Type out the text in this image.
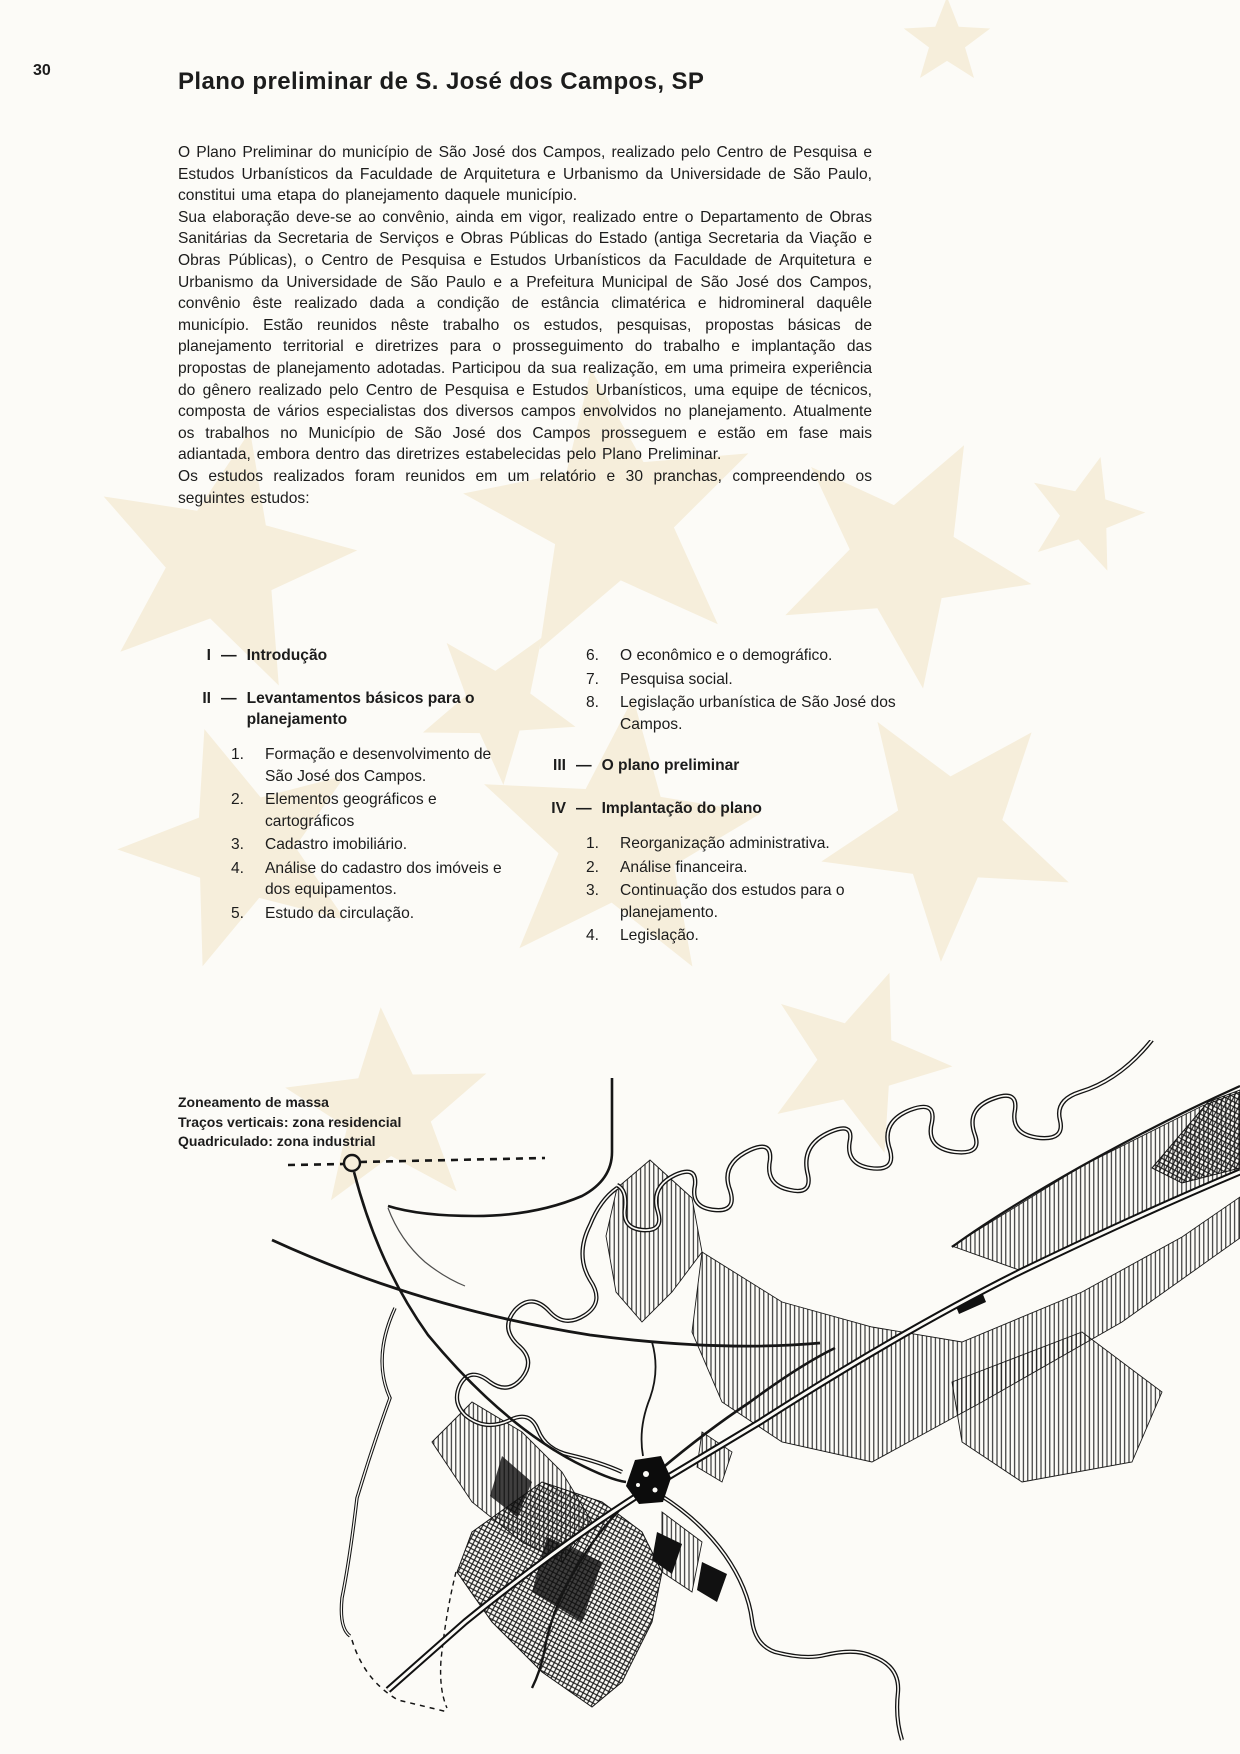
30	Plano preliminar de S. José dos Campos, SP

O Plano Preliminar do município de São José dos Campos, realizado pelo Centro de Pesquisa e Estudos Urbanísticos da Faculdade de Arquitetura e Urbanismo da Universidade de São Paulo, constitui uma etapa do planejamento daquele município.

Sua elaboração deve-se ao convênio, ainda em vigor, realizado entre o Departamento de Obras Sanitárias da Secretaria de Serviços e Obras Públicas do Estado (antiga Secretaria da Viação e Obras Públicas), o Centro de Pesquisa e Estudos Urbanísticos da Faculdade de Arquitetura e Urbanismo da Universidade de São Paulo e a Prefeitura Municipal de São José dos Campos, convênio êste realizado dada a condição de estância climatérica e hidromineral daquêle município. Estão reunidos nêste trabalho os estudos, pesquisas, propostas básicas de planejamento territorial e diretrizes para o prosseguimento do trabalho e implantação das propostas de planejamento adotadas. Participou da sua realização, em uma primeira experiência do gênero realizado pelo Centro de Pesquisa e Estudos Urbanísticos, uma equipe de técnicos, composta de vários especialistas dos diversos campos envolvidos no planejamento. Atualmente os trabalhos no Município de São José dos Campos prosseguem e estão em fase mais adiantada, embora dentro das diretrizes estabelecidas pelo Plano Preliminar.

Os estudos realizados foram reunidos em um relatório e 30 pranchas, compreendendo os seguintes estudos:

I — Introdução
II — Levantamentos básicos para o planejamento
1.	Formação e desenvolvimento de São José dos Campos.
2.	Elementos geográficos e cartográficos
3.	Cadastro imobiliário.
4.	Análise do cadastro dos imóveis e dos equipamentos.
5.	Estudo da circulação.
6.	O econômico e o demográfico.
7.	Pesquisa social.
8.	Legislação urbanística de São José dos Campos.
III — O plano preliminar
IV — Implantação do plano
1.	Reorganização administrativa.
2.	Análise financeira.
3.	Continuação dos estudos para o planejamento.
4.	Legislação.
Zoneamento de massa
Traços verticais: zona residencial
Quadriculado: zona industrial
